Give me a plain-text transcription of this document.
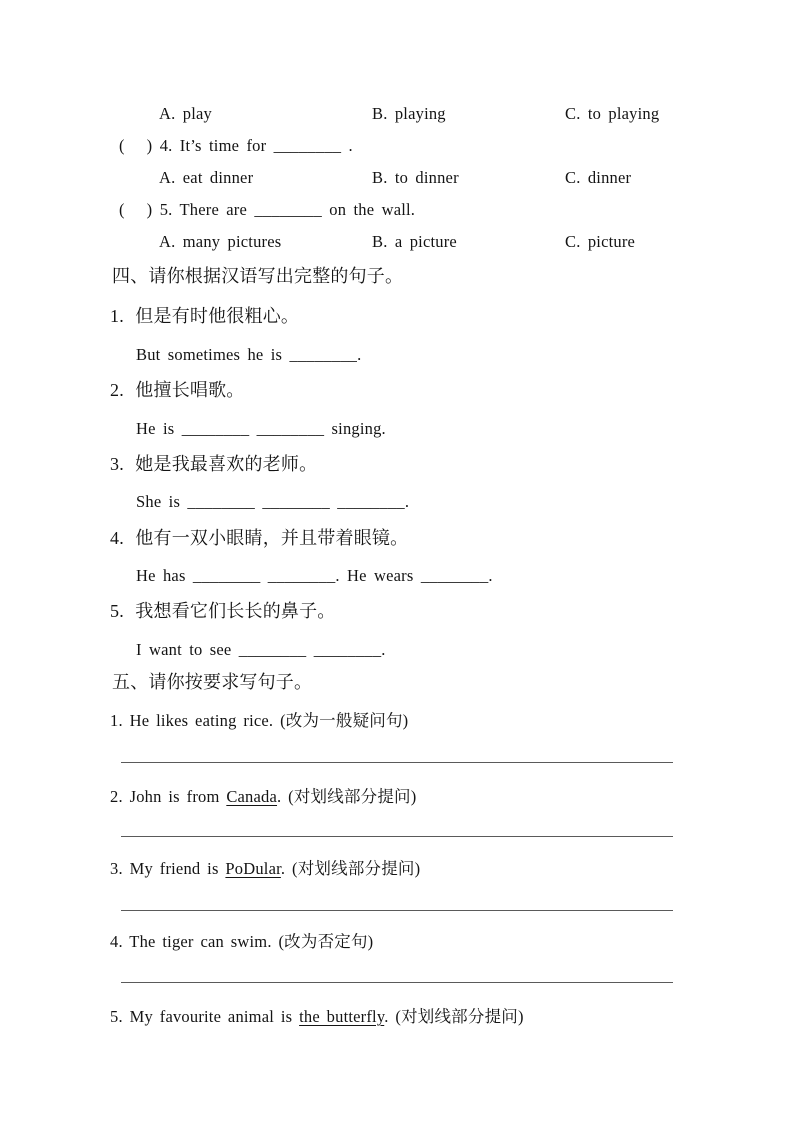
A. play	B. playing	C. to playing
(   ) 4. It’s time for ________ .
A. eat dinner	B. to dinner	C. dinner
(   ) 5. There are ________ on the wall.
A. many pictures	B. a picture	C. picture
四、请你根据汉语写出完整的句子。
1.  但是有时他很粗心。
But sometimes he is ________.
2.  他擅长唱歌。
He is ________ ________ singing.
3.  她是我最喜欢的老师。
She is ________ ________ ________.
4.  他有一双小眼睛，并且带着眼镜。
He has ________ ________. He wears ________.
5.  我想看它们长长的鼻子。
I want to see ________ ________.
五、请你按要求写句子。
1. He likes eating rice. (改为一般疑问句)
2. John is from Canada. (对划线部分提问)
3. My friend is PoDular. (对划线部分提问)
4. The tiger can swim. (改为否定句)
5. My favourite animal is the butterfly. (对划线部分提问)
